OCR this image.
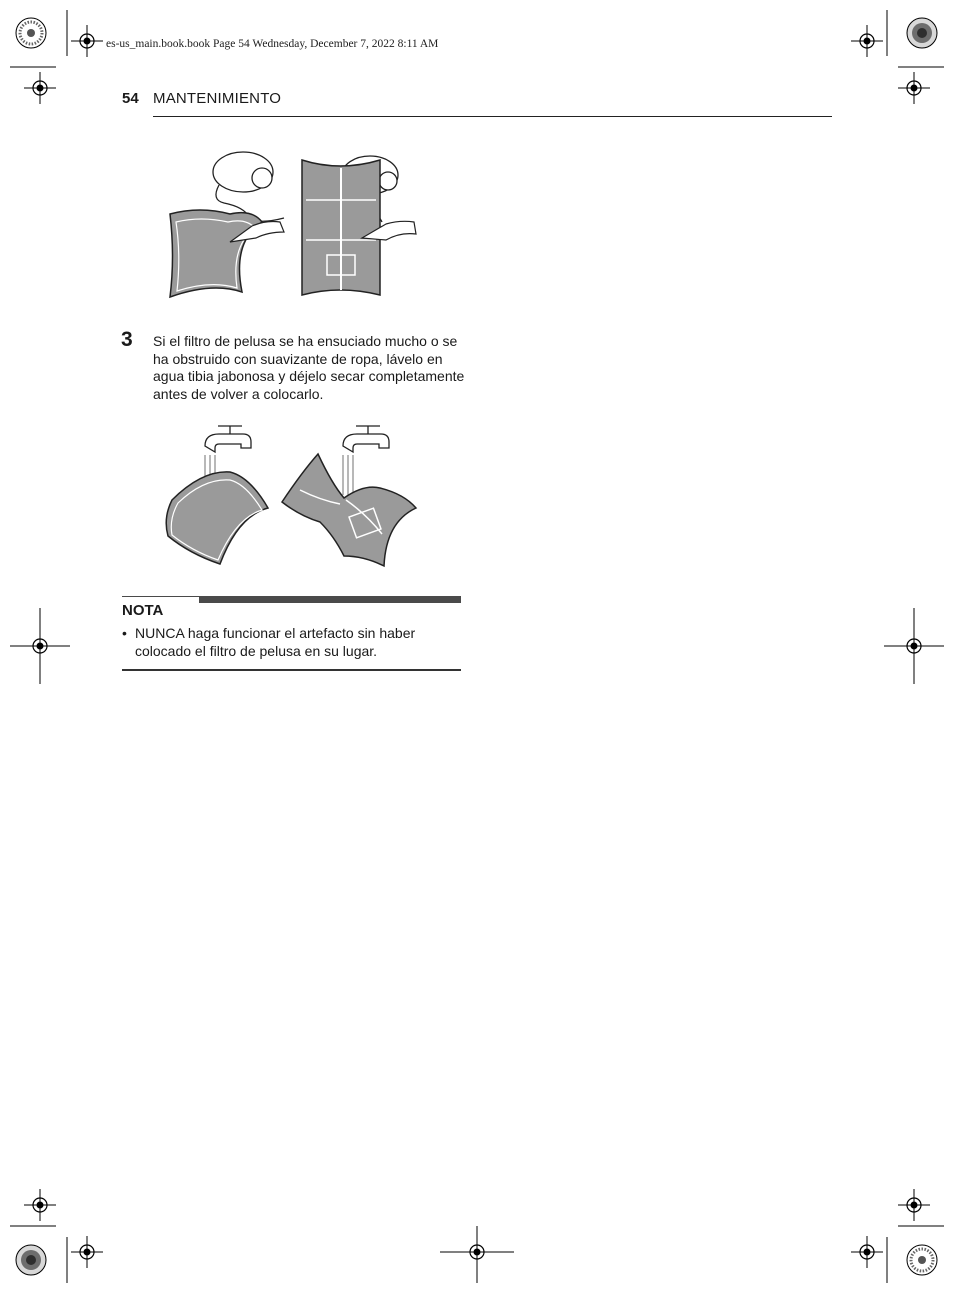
es-us_main.book.book Page 54 Wednesday, December 7, 2022 8:11 AM
54 MANTENIMIENTO
3 Si el filtro de pelusa se ha ensuciado mucho o se ha obstruido con suavizante de ropa, lávelo en agua tibia jabonosa y déjelo secar completamente antes de volver a colocarlo.
NOTA
• NUNCA haga funcionar el artefacto sin haber colocado el filtro de pelusa en su lugar.
